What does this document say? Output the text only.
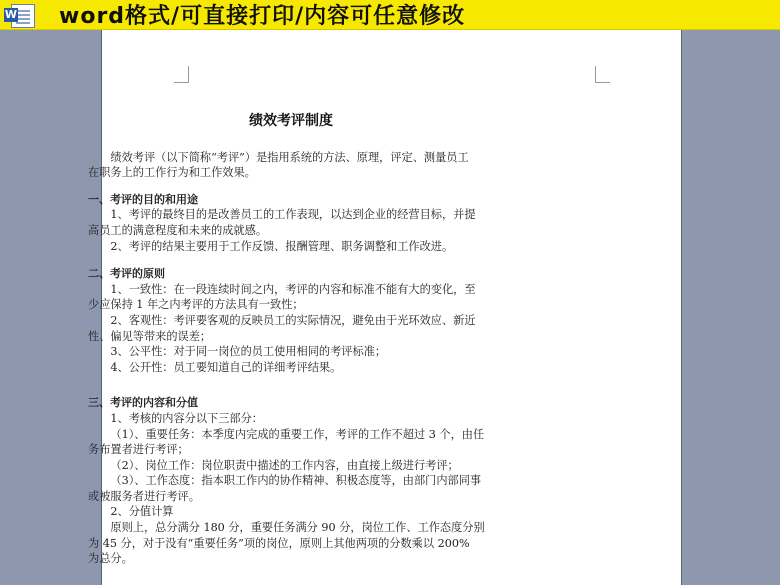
W word格式/可直接打印/内容可任意修改
绩效考评制度
绩效考评（以下简称“考评”）是指用系统的方法、原理，评定、测量员工
在职务上的工作行为和工作效果。
一、考评的目的和用途
1、考评的最终目的是改善员工的工作表现，以达到企业的经营目标，并提
高员工的满意程度和未来的成就感。
2、考评的结果主要用于工作反馈、报酬管理、职务调整和工作改进。
二、考评的原则
1、一致性：在一段连续时间之内，考评的内容和标准不能有大的变化，至
少应保持 1 年之内考评的方法具有一致性；
2、客观性：考评要客观的反映员工的实际情况，避免由于光环效应、新近
性、偏见等带来的误差；
3、公平性：对于同一岗位的员工使用相同的考评标准；
4、公开性：员工要知道自己的详细考评结果。
三、考评的内容和分值
1、考核的内容分以下三部分：
（1）、重要任务：本季度内完成的重要工作，考评的工作不超过 3 个，由任
务布置者进行考评；
（2）、岗位工作：岗位职责中描述的工作内容，由直接上级进行考评；
（3）、工作态度：指本职工作内的协作精神、积极态度等，由部门内部同事
或被服务者进行考评。
2、分值计算
原则上，总分满分 180 分，重要任务满分 90 分，岗位工作、工作态度分别
为 45 分，对于没有“重要任务”项的岗位，原则上其他两项的分数乘以 200%
为总分。
